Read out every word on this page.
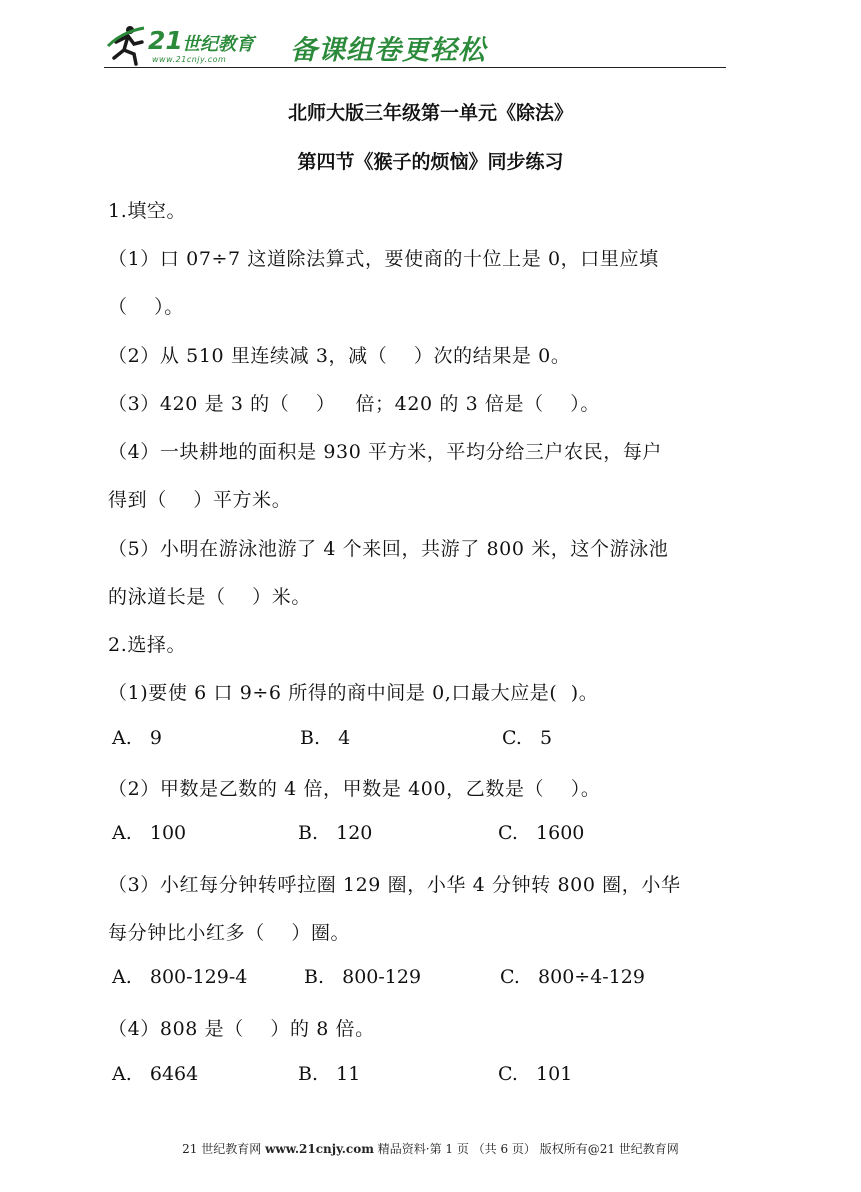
21 世纪教育
www.21cnjy.com 备课组卷更轻松
北师大版三年级第一单元《除法》
第四节《猴子的烦恼》同步练习
1.填空。
（1）口 07÷7 这道除法算式，要使商的十位上是 0，口里应填
（    ）。
（2）从 510 里连续减 3，减（    ）次的结果是 0。
（3）420 是 3 的（    ）   倍；420 的 3 倍是（    ）。
（4）一块耕地的面积是 930 平方米，平均分给三户农民，每户
得到（    ）平方米。
（5）小明在游泳池游了 4 个来回，共游了 800 米，这个游泳池
的泳道长是（    ）米。
2.选择。
（1)要使 6 口 9÷6 所得的商中间是 0,口最大应是(  )。
A.   9	B.   4	C.   5
（2）甲数是乙数的 4 倍，甲数是 400，乙数是（    ）。
A.   100	B.   120	C.   1600
（3）小红每分钟转呼拉圈 129 圈，小华 4 分钟转 800 圈，小华
每分钟比小红多（    ）圈。
A.   800-129-4	B.   800-129	C.   800÷4-129
（4）808 是（    ）的 8 倍。
A.   6464	B.   11	C.   101
21 世纪教育网 www.21cnjy.com 精品资料·第 1 页 （共 6 页） 版权所有@21 世纪教育网
